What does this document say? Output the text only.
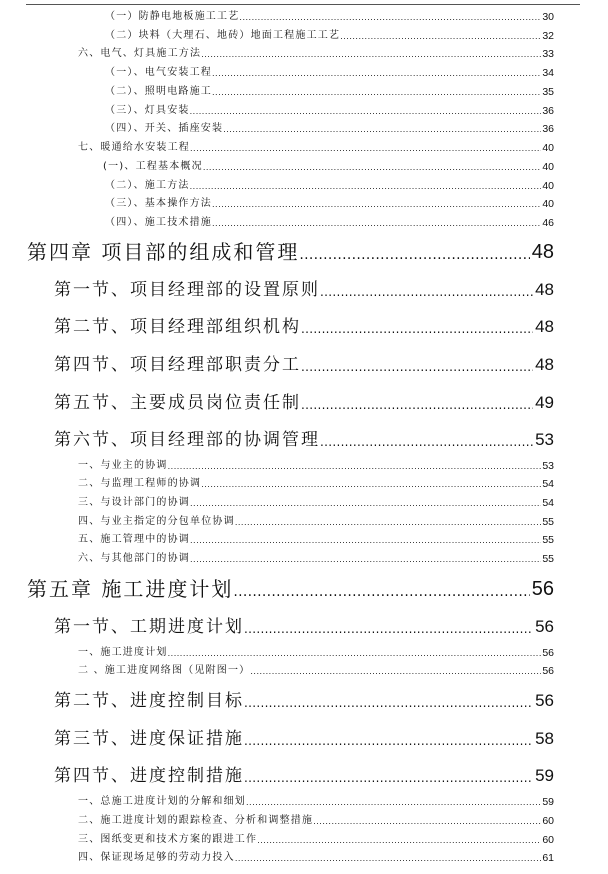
（一）防静电地板施工工艺 .....	30
（二）块料（大理石、地砖）地面工程施工工艺 .....	32
六、电气、灯具施工方法 .....	33
（一）、电气安装工程 .....	34
（二）、照明电路施工 .....	35
（三）、灯具安装 .....	36
（四）、开关、插座安装 .....	36
七、暖通给水安装工程 .....	40
(一)、工程基本概况 .....	40
（二）、施工方法 .....	40
（三）、基本操作方法 .....	40
（四）、施工技术措施 .....	46
第四章 项目部的组成和管理 .....	48
第一节、项目经理部的设置原则 .....	48
第二节、项目经理部组织机构 .....	48
第四节、项目经理部职责分工 .....	48
第五节、主要成员岗位责任制 .....	49
第六节、项目经理部的协调管理 .....	53
一、与业主的协调 .....	53
二、与监理工程师的协调 .....	54
三、与设计部门的协调 .....	54
四、与业主指定的分包单位协调 .....	55
五、施工管理中的协调 .....	55
六、与其他部门的协调 .....	55
第五章 施工进度计划 .....	56
第一节、工期进度计划 .....	56
一、施工进度计划 .....	56
二 、施工进度网络图（见附图一） .....	56
第二节、进度控制目标 .....	56
第三节、进度保证措施 .....	58
第四节、进度控制措施 .....	59
一、总施工进度计划的分解和细划 .....	59
二、施工进度计划的跟踪检查、分析和调整措施 .....	60
三、图纸变更和技术方案的跟进工作 .....	60
四、保证现场足够的劳动力投入 .....	61
